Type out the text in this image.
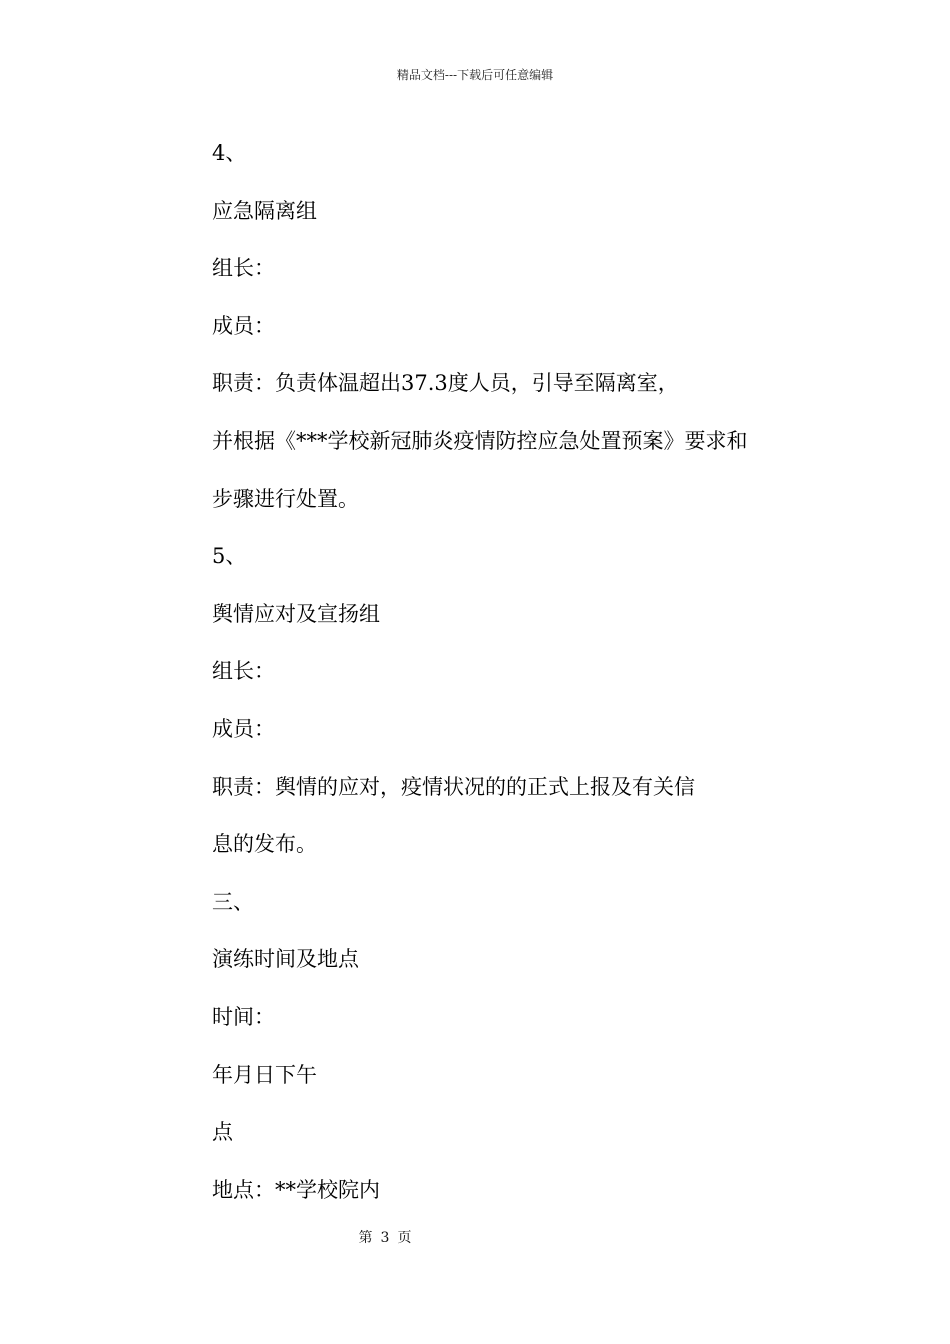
精品文档---下载后可任意编辑
4、
应急隔离组
组长：
成员：
职责：负责体温超出37.3度人员，引导至隔离室，
并根据《***学校新冠肺炎疫情防控应急处置预案》要求和
步骤进行处置。
5、
舆情应对及宣扬组
组长：
成员：
职责：舆情的应对，疫情状况的的正式上报及有关信
息的发布。
三、
演练时间及地点
时间：
年月日下午
点
地点：**学校院内
第 3 页
